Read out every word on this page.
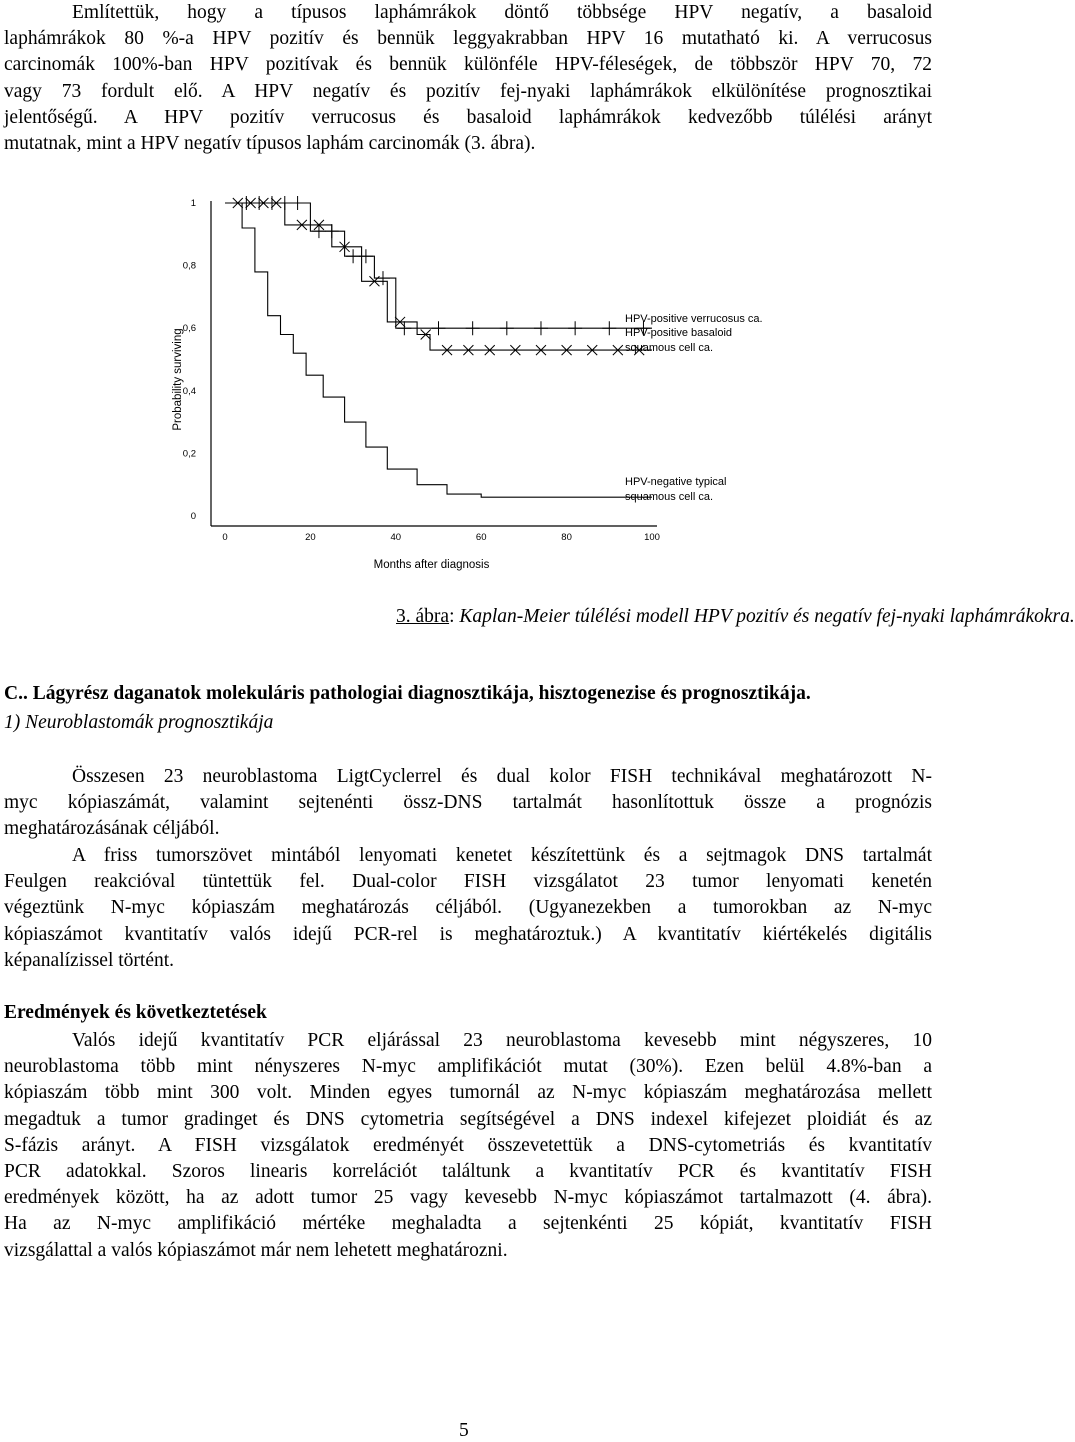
Említettük, hogy a típusos laphámrákok döntő többsége HPV negatív, a basaloid
laphámrákok 80 %-a HPV pozitív és bennük leggyakrabban HPV 16 mutatható ki. A verrucosus
carcinomák 100%-ban HPV pozitívak és bennük különféle HPV-féleségek, de többször HPV 70, 72
vagy 73 fordult elő. A HPV negatív és pozitív fej-nyaki laphámrákok elkülönítése prognosztikai
jelentőségű. A HPV pozitív verrucosus és basaloid laphámrákok kedvezőbb túlélési arányt
mutatnak, mint a HPV negatív típusos laphám carcinomák (3. ábra).
0
0,2
0,4
0,6
0,8
1
0	20	40	60	80	100
Probability surviving
Months after diagnosis
HPV-positive verrucosus ca.
HPV-positive basaloid
squamous cell ca.
HPV-negative typical
squamous cell ca.
3. ábra: Kaplan-Meier túlélési modell HPV pozitív és negatív fej-nyaki laphámrákokra.
C.. Lágyrész daganatok molekuláris pathologiai diagnosztikája, hisztogenezise és prognosztikája.
1) Neuroblastomák prognosztikája
Összesen 23 neuroblastoma LigtCyclerrel és dual kolor FISH technikával meghatározott N-
myc kópiaszámát, valamint sejtenénti össz-DNS tartalmát hasonlítottuk össze a prognózis
meghatározásának céljából.
A friss tumorszövet mintából lenyomati kenetet készítettünk és a sejtmagok DNS tartalmát
Feulgen reakcióval tüntettük fel. Dual-color FISH vizsgálatot 23 tumor lenyomati kenetén
végeztünk N-myc kópiaszám meghatározás céljából. (Ugyanezekben a tumorokban az N-myc
kópiaszámot kvantitatív valós idejű PCR-rel is meghatároztuk.) A kvantitatív kiértékelés digitális
képanalízissel történt.
Eredmények és következtetések
Valós idejű kvantitatív PCR eljárással 23 neuroblastoma kevesebb mint négyszeres, 10
neuroblastoma több mint nényszeres N-myc amplifikációt mutat (30%). Ezen belül 4.8%-ban a
kópiaszám több mint 300 volt. Minden egyes tumornál az N-myc kópiaszám meghatározása mellett
megadtuk a tumor gradinget és DNS cytometria segítségével a DNS indexel kifejezet ploidiát és az
S-fázis arányt. A FISH vizsgálatok eredményét összevetettük a DNS-cytometriás és kvantitatív
PCR adatokkal. Szoros linearis korrelációt találtunk a kvantitatív PCR és kvantitatív FISH
eredmények között, ha az adott tumor 25 vagy kevesebb N-myc kópiaszámot tartalmazott (4. ábra).
Ha az N-myc amplifikáció mértéke meghaladta a sejtenkénti 25 kópiát, kvantitatív FISH
vizsgálattal a valós kópiaszámot már nem lehetett meghatározni.
5
